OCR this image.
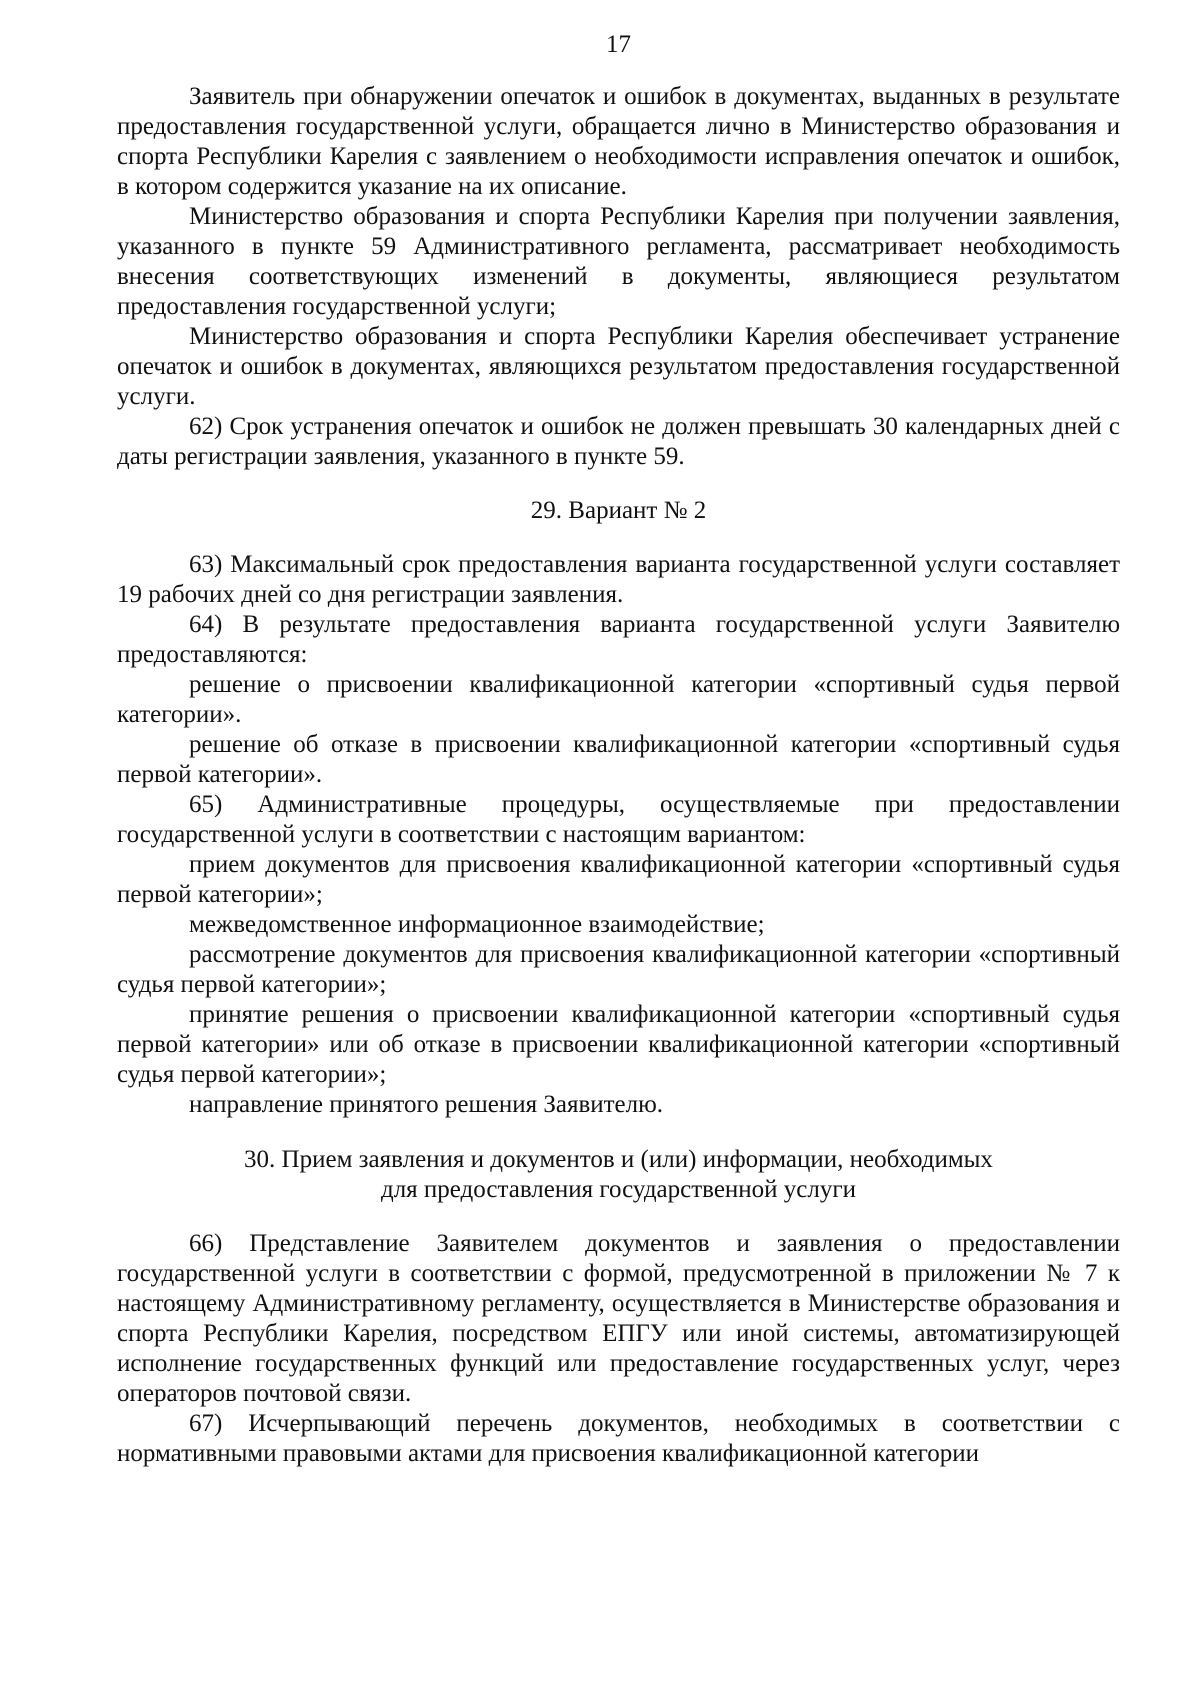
17

Заявитель при обнаружении опечаток и ошибок в документах, выданных в результате предоставления государственной услуги, обращается лично в Министерство образования и спорта Республики Карелия с заявлением о необходимости исправления опечаток и ошибок, в котором содержится указание на их описание.

Министерство образования и спорта Республики Карелия при получении заявления, указанного в пункте 59 Административного регламента, рассматривает необходимость внесения соответствующих изменений в документы, являющиеся результатом предоставления государственной услуги;

Министерство образования и спорта Республики Карелия обеспечивает устранение опечаток и ошибок в документах, являющихся результатом предоставления государственной услуги.

62) Срок устранения опечаток и ошибок не должен превышать 30 календарных дней с даты регистрации заявления, указанного в пункте 59.

29. Вариант № 2

63) Максимальный срок предоставления варианта государственной услуги составляет 19 рабочих дней со дня регистрации заявления.

64) В результате предоставления варианта государственной услуги Заявителю предоставляются:

решение о присвоении квалификационной категории «спортивный судья первой категории».

решение об отказе в присвоении квалификационной категории «спортивный судья первой категории».

65) Административные процедуры, осуществляемые при предоставлении государственной услуги в соответствии с настоящим вариантом:

прием документов для присвоения квалификационной категории «спортивный судья первой категории»;

межведомственное информационное взаимодействие;

рассмотрение документов для присвоения квалификационной категории «спортивный судья первой категории»;

принятие решения о присвоении квалификационной категории «спортивный судья первой категории» или об отказе в присвоении квалификационной категории «спортивный судья первой категории»;

направление принятого решения Заявителю.

30. Прием заявления и документов и (или) информации, необходимых
для предоставления государственной услуги

66) Представление Заявителем документов и заявления о предоставлении государственной услуги в соответствии с формой, предусмотренной в приложении № 7 к настоящему Административному регламенту, осуществляется в Министерстве образования и спорта Республики Карелия, посредством ЕПГУ или иной системы, автоматизирующей исполнение государственных функций или предоставление государственных услуг, через операторов почтовой связи.

67) Исчерпывающий перечень документов, необходимых в соответствии с нормативными правовыми актами для присвоения квалификационной категории
